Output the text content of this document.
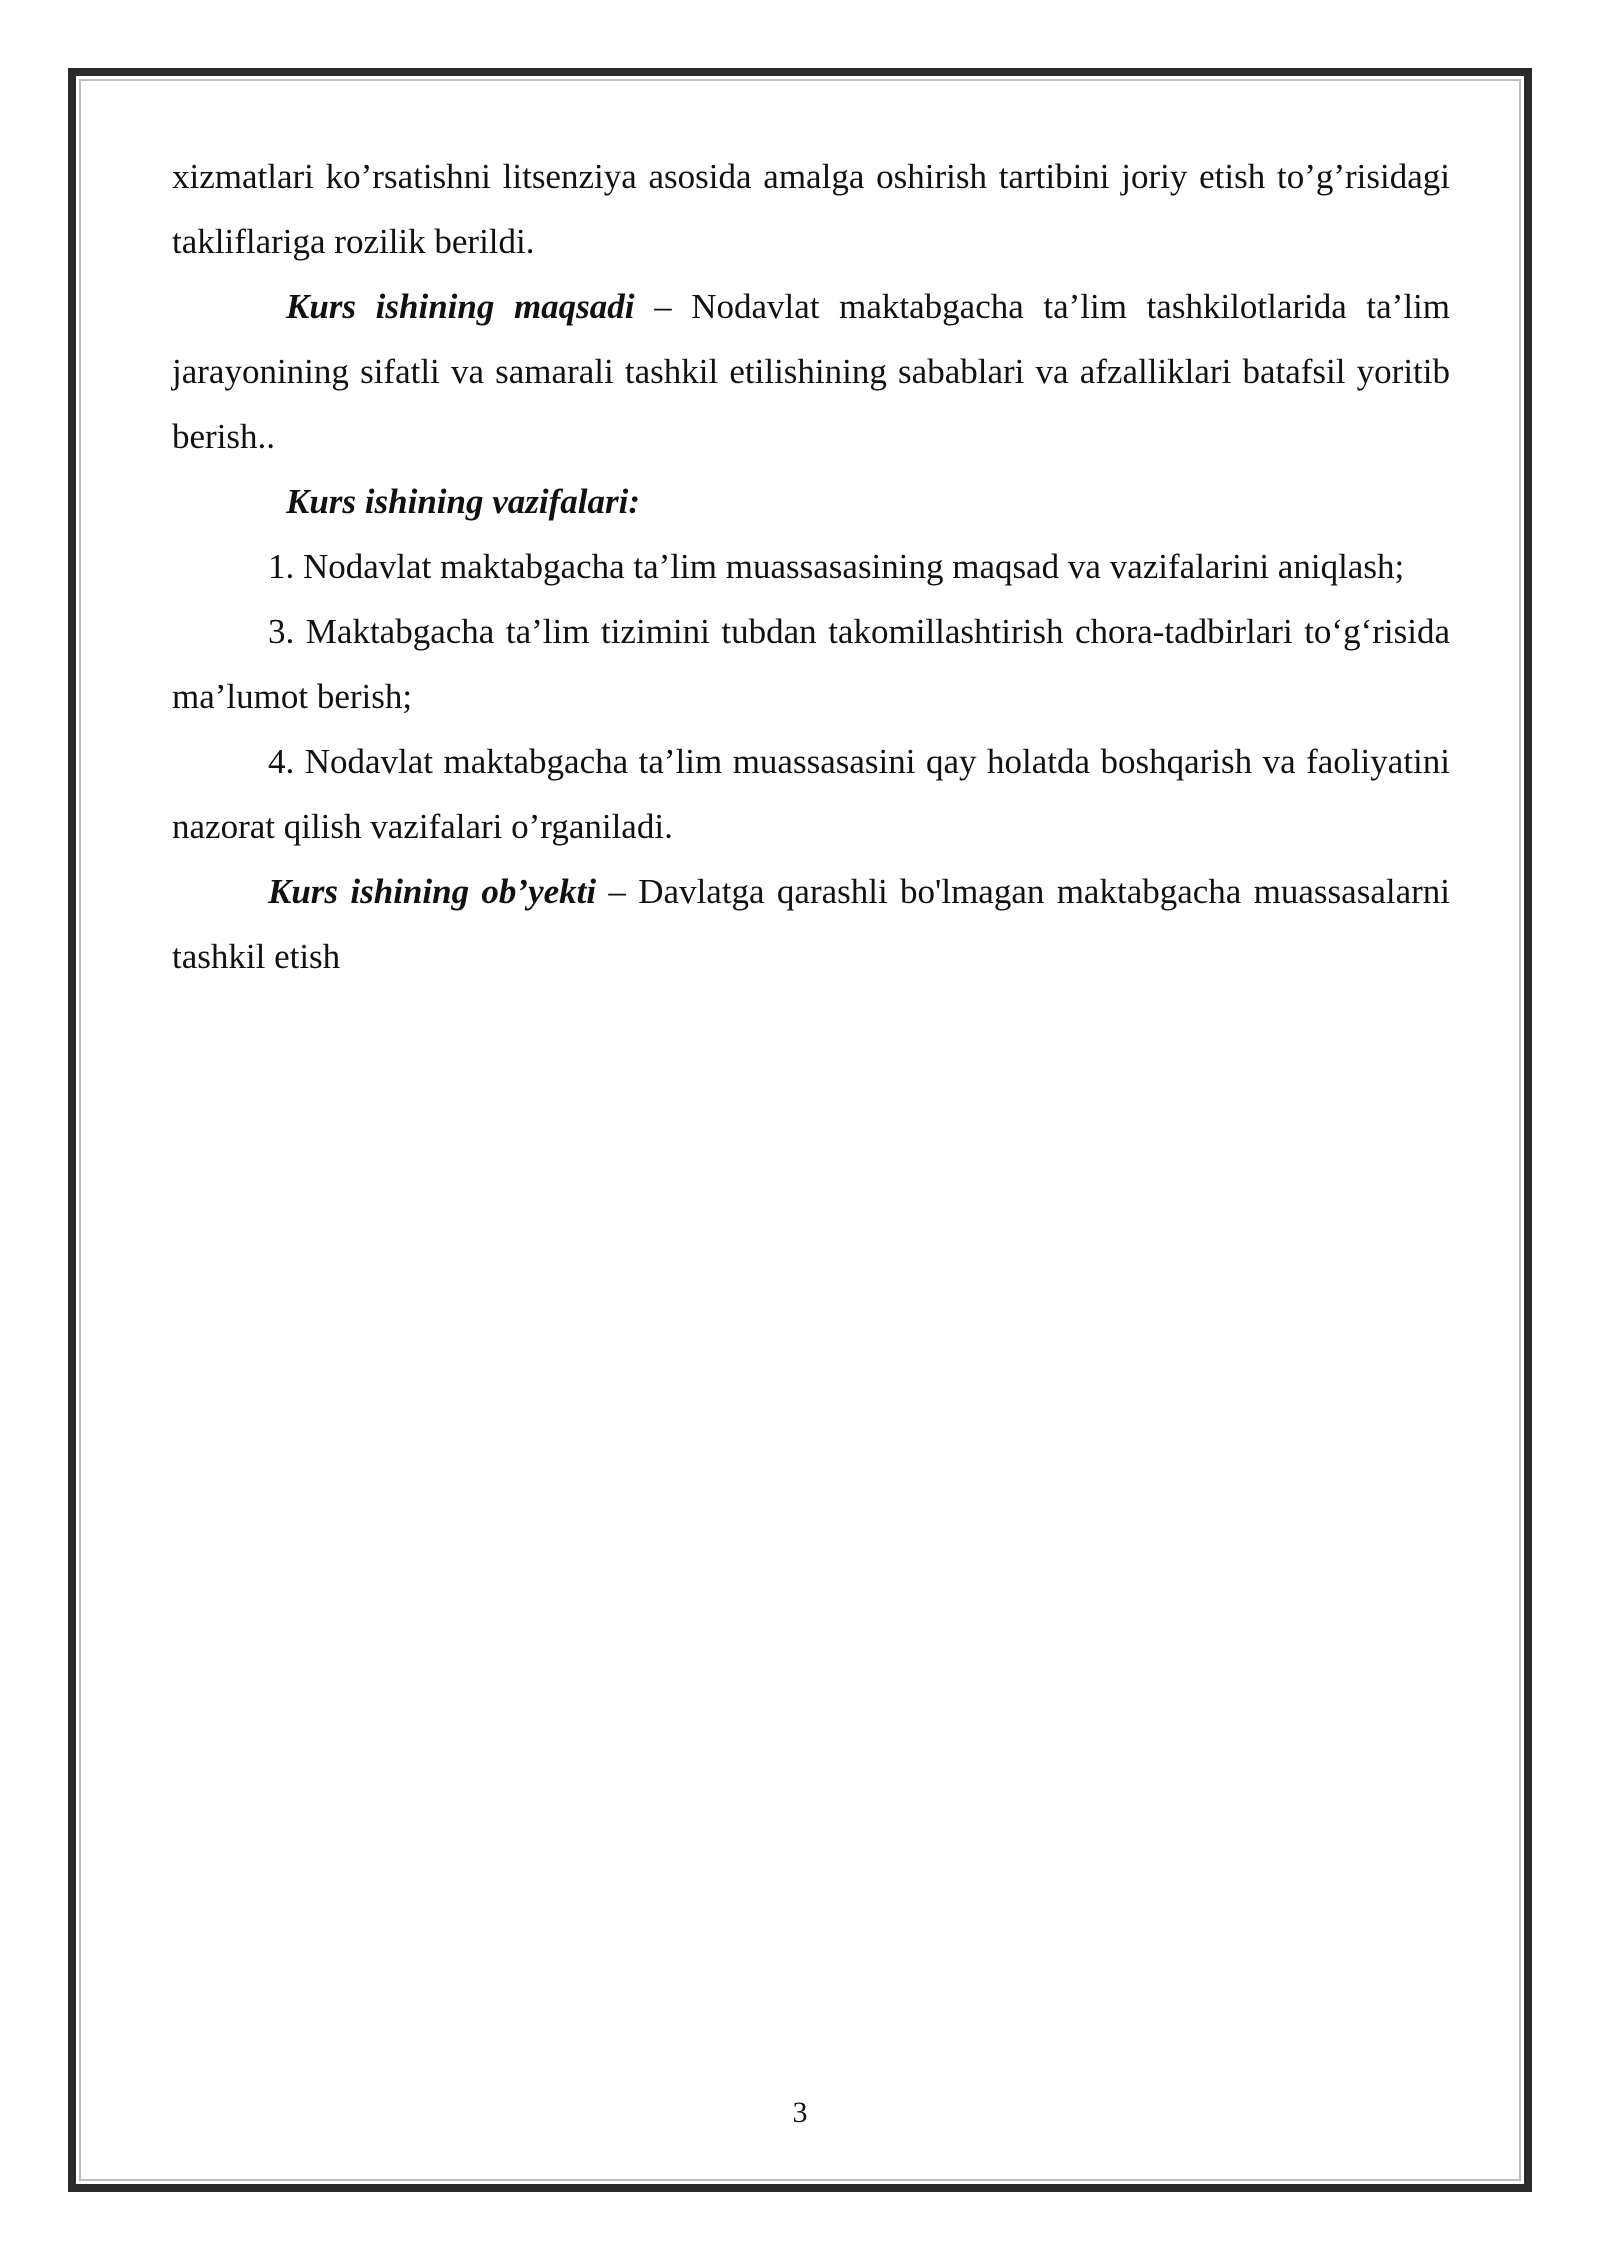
xizmatlari ko’rsatishni litsenziya asosida amalga oshirish tartibini joriy etish to’g’risidagi takliflariga rozilik berildi.

Kurs ishining maqsadi – Nodavlat maktabgacha ta’lim tashkilotlarida ta’lim jarayonining sifatli va samarali tashkil etilishining sabablari va afzalliklari batafsil yoritib berish..

Kurs ishining vazifalari:

1. Nodavlat maktabgacha ta’lim muassasasining maqsad va vazifalarini aniqlash;

3. Maktabgacha ta’lim tizimini tubdan takomillashtirish chora-tadbirlari to‘g‘risida ma’lumot berish;

4. Nodavlat maktabgacha ta’lim muassasasini qay holatda boshqarish va faoliyatini nazorat qilish vazifalari o’rganiladi.

Kurs ishining ob’yekti – Davlatga qarashli bo'lmagan maktabgacha muassasalarni tashkil etish

3
